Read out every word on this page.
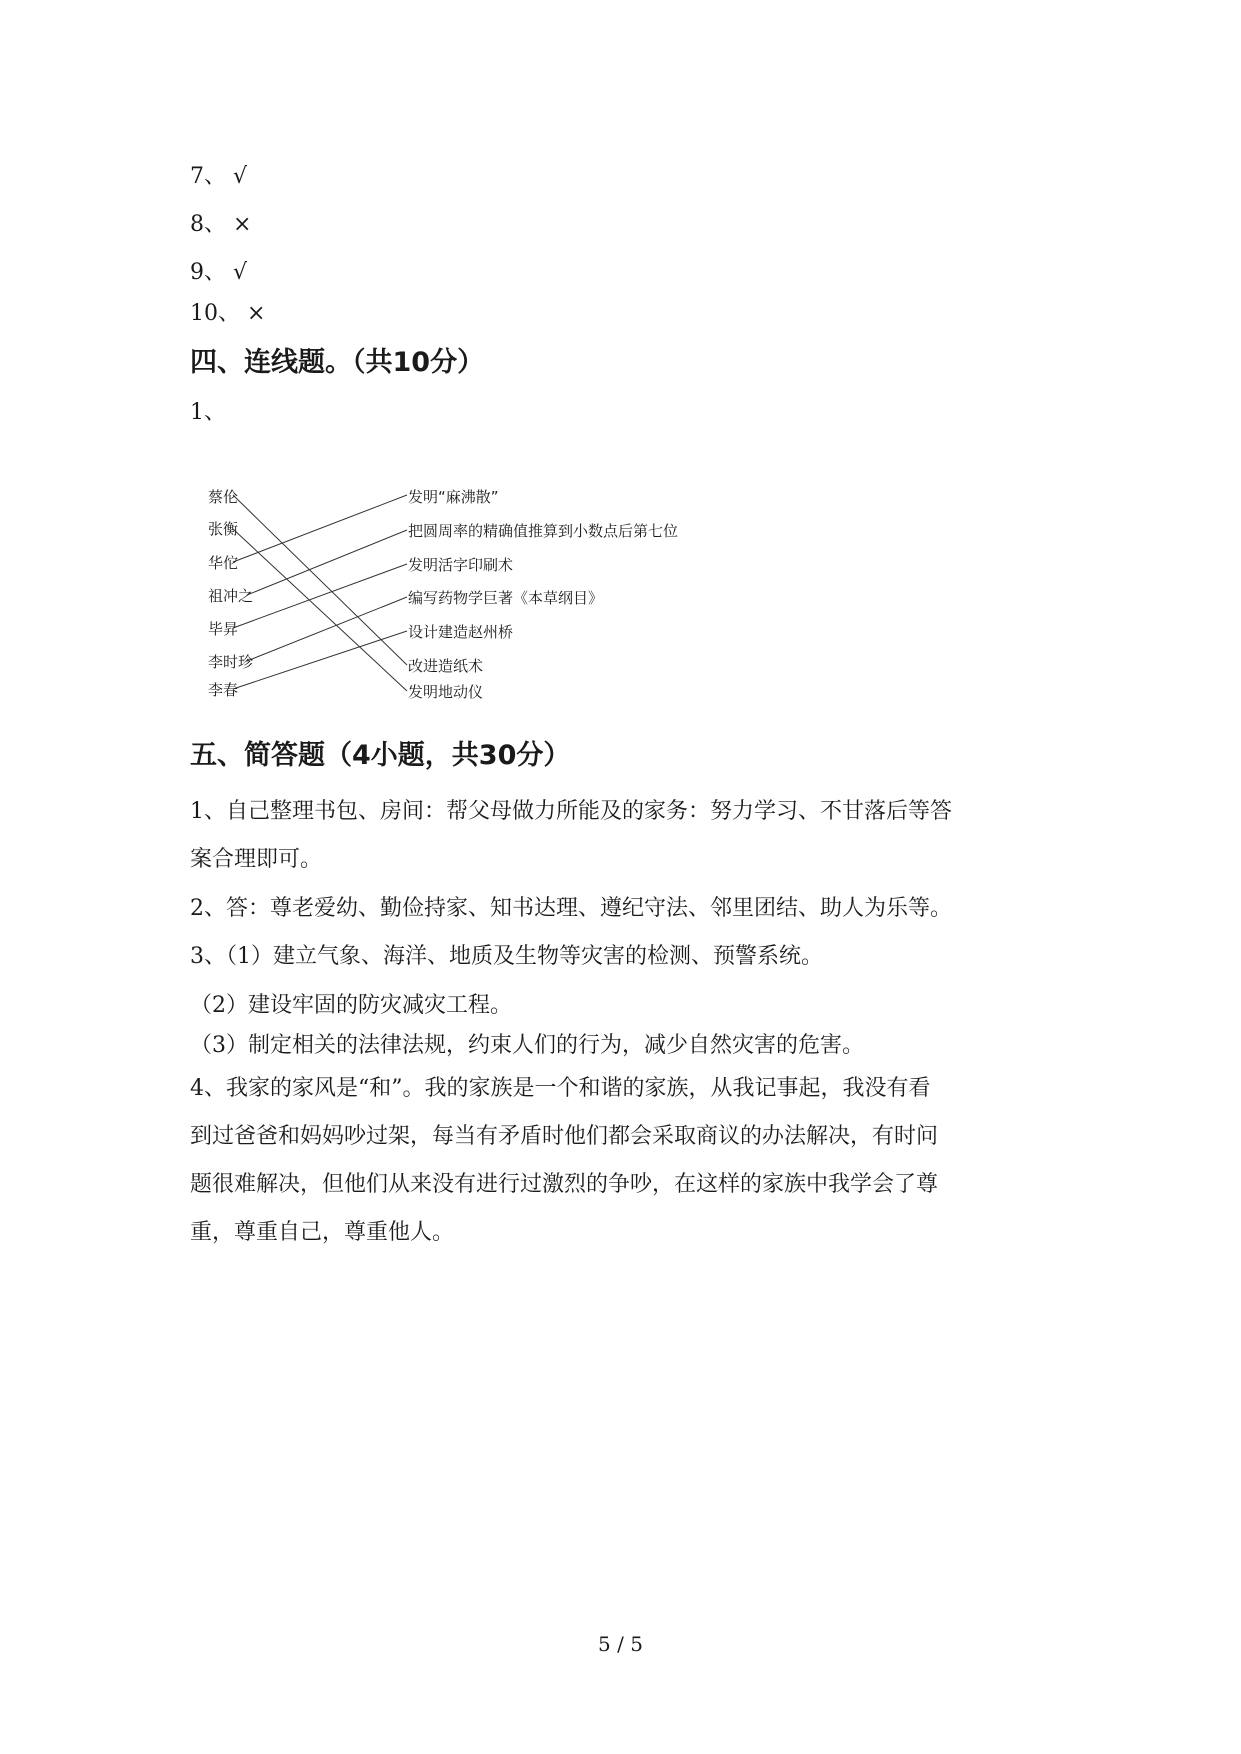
7、 √
8、 ×
9、 √
10、 ×
四、连线题。（共10分）
1、
蔡伦
张衡
华佗
祖冲之
毕昇
李时珍
李春
发明“麻沸散”
把圆周率的精确值推算到小数点后第七位
发明活字印刷术
编写药物学巨著《本草纲目》
设计建造赵州桥
改进造纸术
发明地动仪
五、简答题（4小题，共30分）
1、自己整理书包、房间：帮父母做力所能及的家务：努力学习、不甘落后等答
案合理即可。
2、答：尊老爱幼、勤俭持家、知书达理、遵纪守法、邻里团结、助人为乐等。
3、（1）建立气象、海洋、地质及生物等灾害的检测、预警系统。
（2）建设牢固的防灾减灾工程。
（3）制定相关的法律法规，约束人们的行为，减少自然灾害的危害。
4、我家的家风是“和”。我的家族是一个和谐的家族，从我记事起，我没有看
到过爸爸和妈妈吵过架，每当有矛盾时他们都会采取商议的办法解决，有时问
题很难解决，但他们从来没有进行过激烈的争吵，在这样的家族中我学会了尊
重，尊重自己，尊重他人。
5 / 5
